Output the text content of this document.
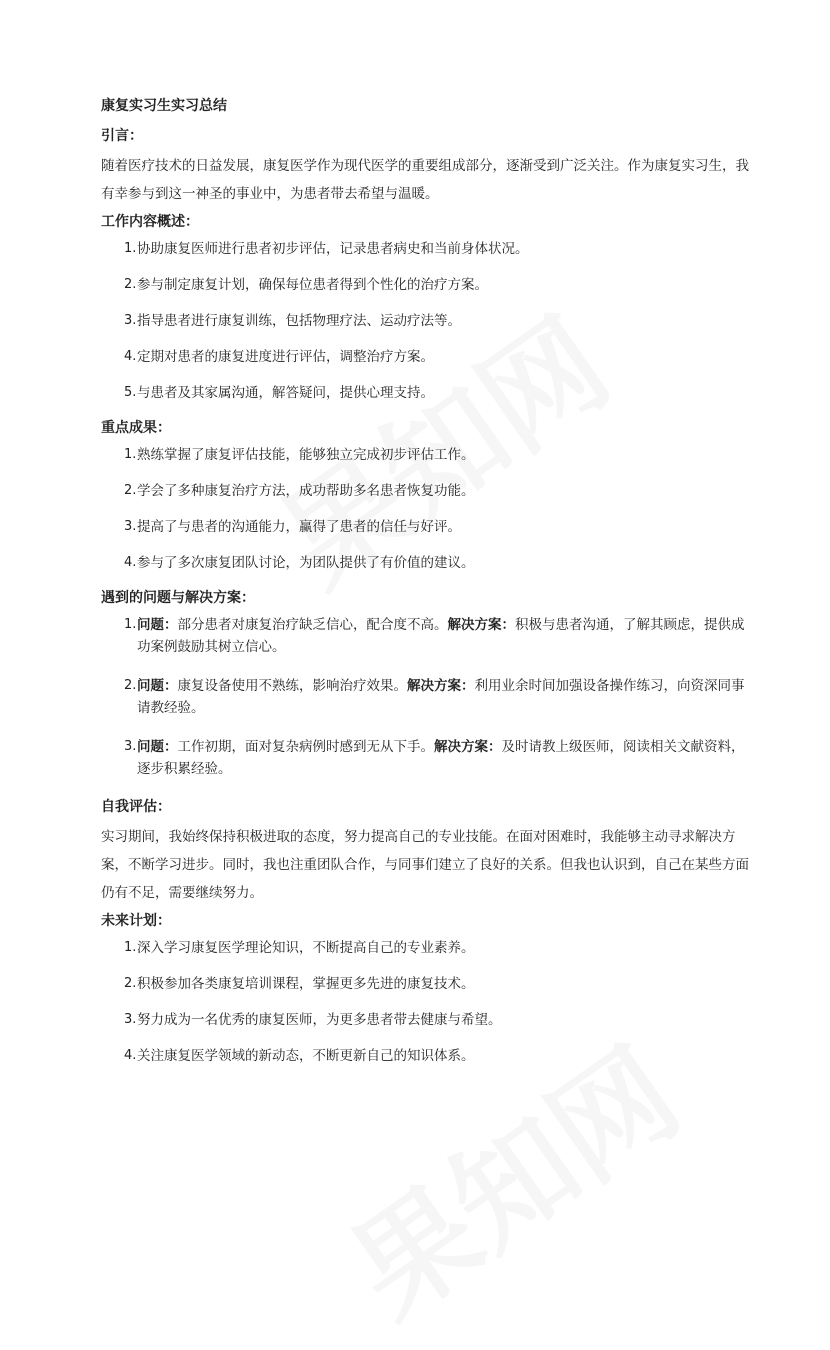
康复实习生实习总结
引言：
随着医疗技术的日益发展，康复医学作为现代医学的重要组成部分，逐渐受到广泛关注。作为康复实习生，我有幸参与到这一神圣的事业中，为患者带去希望与温暖。
工作内容概述：
1 . 协助康复医师进行患者初步评估，记录患者病史和当前身体状况。
2 . 参与制定康复计划，确保每位患者得到个性化的治疗方案。
3 . 指导患者进行康复训练，包括物理疗法、运动疗法等。
4 . 定期对患者的康复进度进行评估，调整治疗方案。
5 . 与患者及其家属沟通，解答疑问，提供心理支持。
重点成果：
1 . 熟练掌握了康复评估技能，能够独立完成初步评估工作。
2 . 学会了多种康复治疗方法，成功帮助多名患者恢复功能。
3 . 提高了与患者的沟通能力，赢得了患者的信任与好评。
4 . 参与了多次康复团队讨论，为团队提供了有价值的建议。
遇到的问题与解决方案：
1 . 问题：部分患者对康复治疗缺乏信心，配合度不高。解决方案：积极与患者沟通，了解其顾虑，提供成功案例鼓励其树立信心。
2 . 问题：康复设备使用不熟练，影响治疗效果。解决方案：利用业余时间加强设备操作练习，向资深同事请教经验。
3 . 问题：工作初期，面对复杂病例时感到无从下手。解决方案：及时请教上级医师，阅读相关文献资料，逐步积累经验。
自我评估：
实习期间，我始终保持积极进取的态度，努力提高自己的专业技能。在面对困难时，我能够主动寻求解决方案，不断学习进步。同时，我也注重团队合作，与同事们建立了良好的关系。但我也认识到，自己在某些方面仍有不足，需要继续努力。
未来计划：
1 . 深入学习康复医学理论知识，不断提高自己的专业素养。
2 . 积极参加各类康复培训课程，掌握更多先进的康复技术。
3 . 努力成为一名优秀的康复医师，为更多患者带去健康与希望。
4 . 关注康复医学领域的新动态，不断更新自己的知识体系。
